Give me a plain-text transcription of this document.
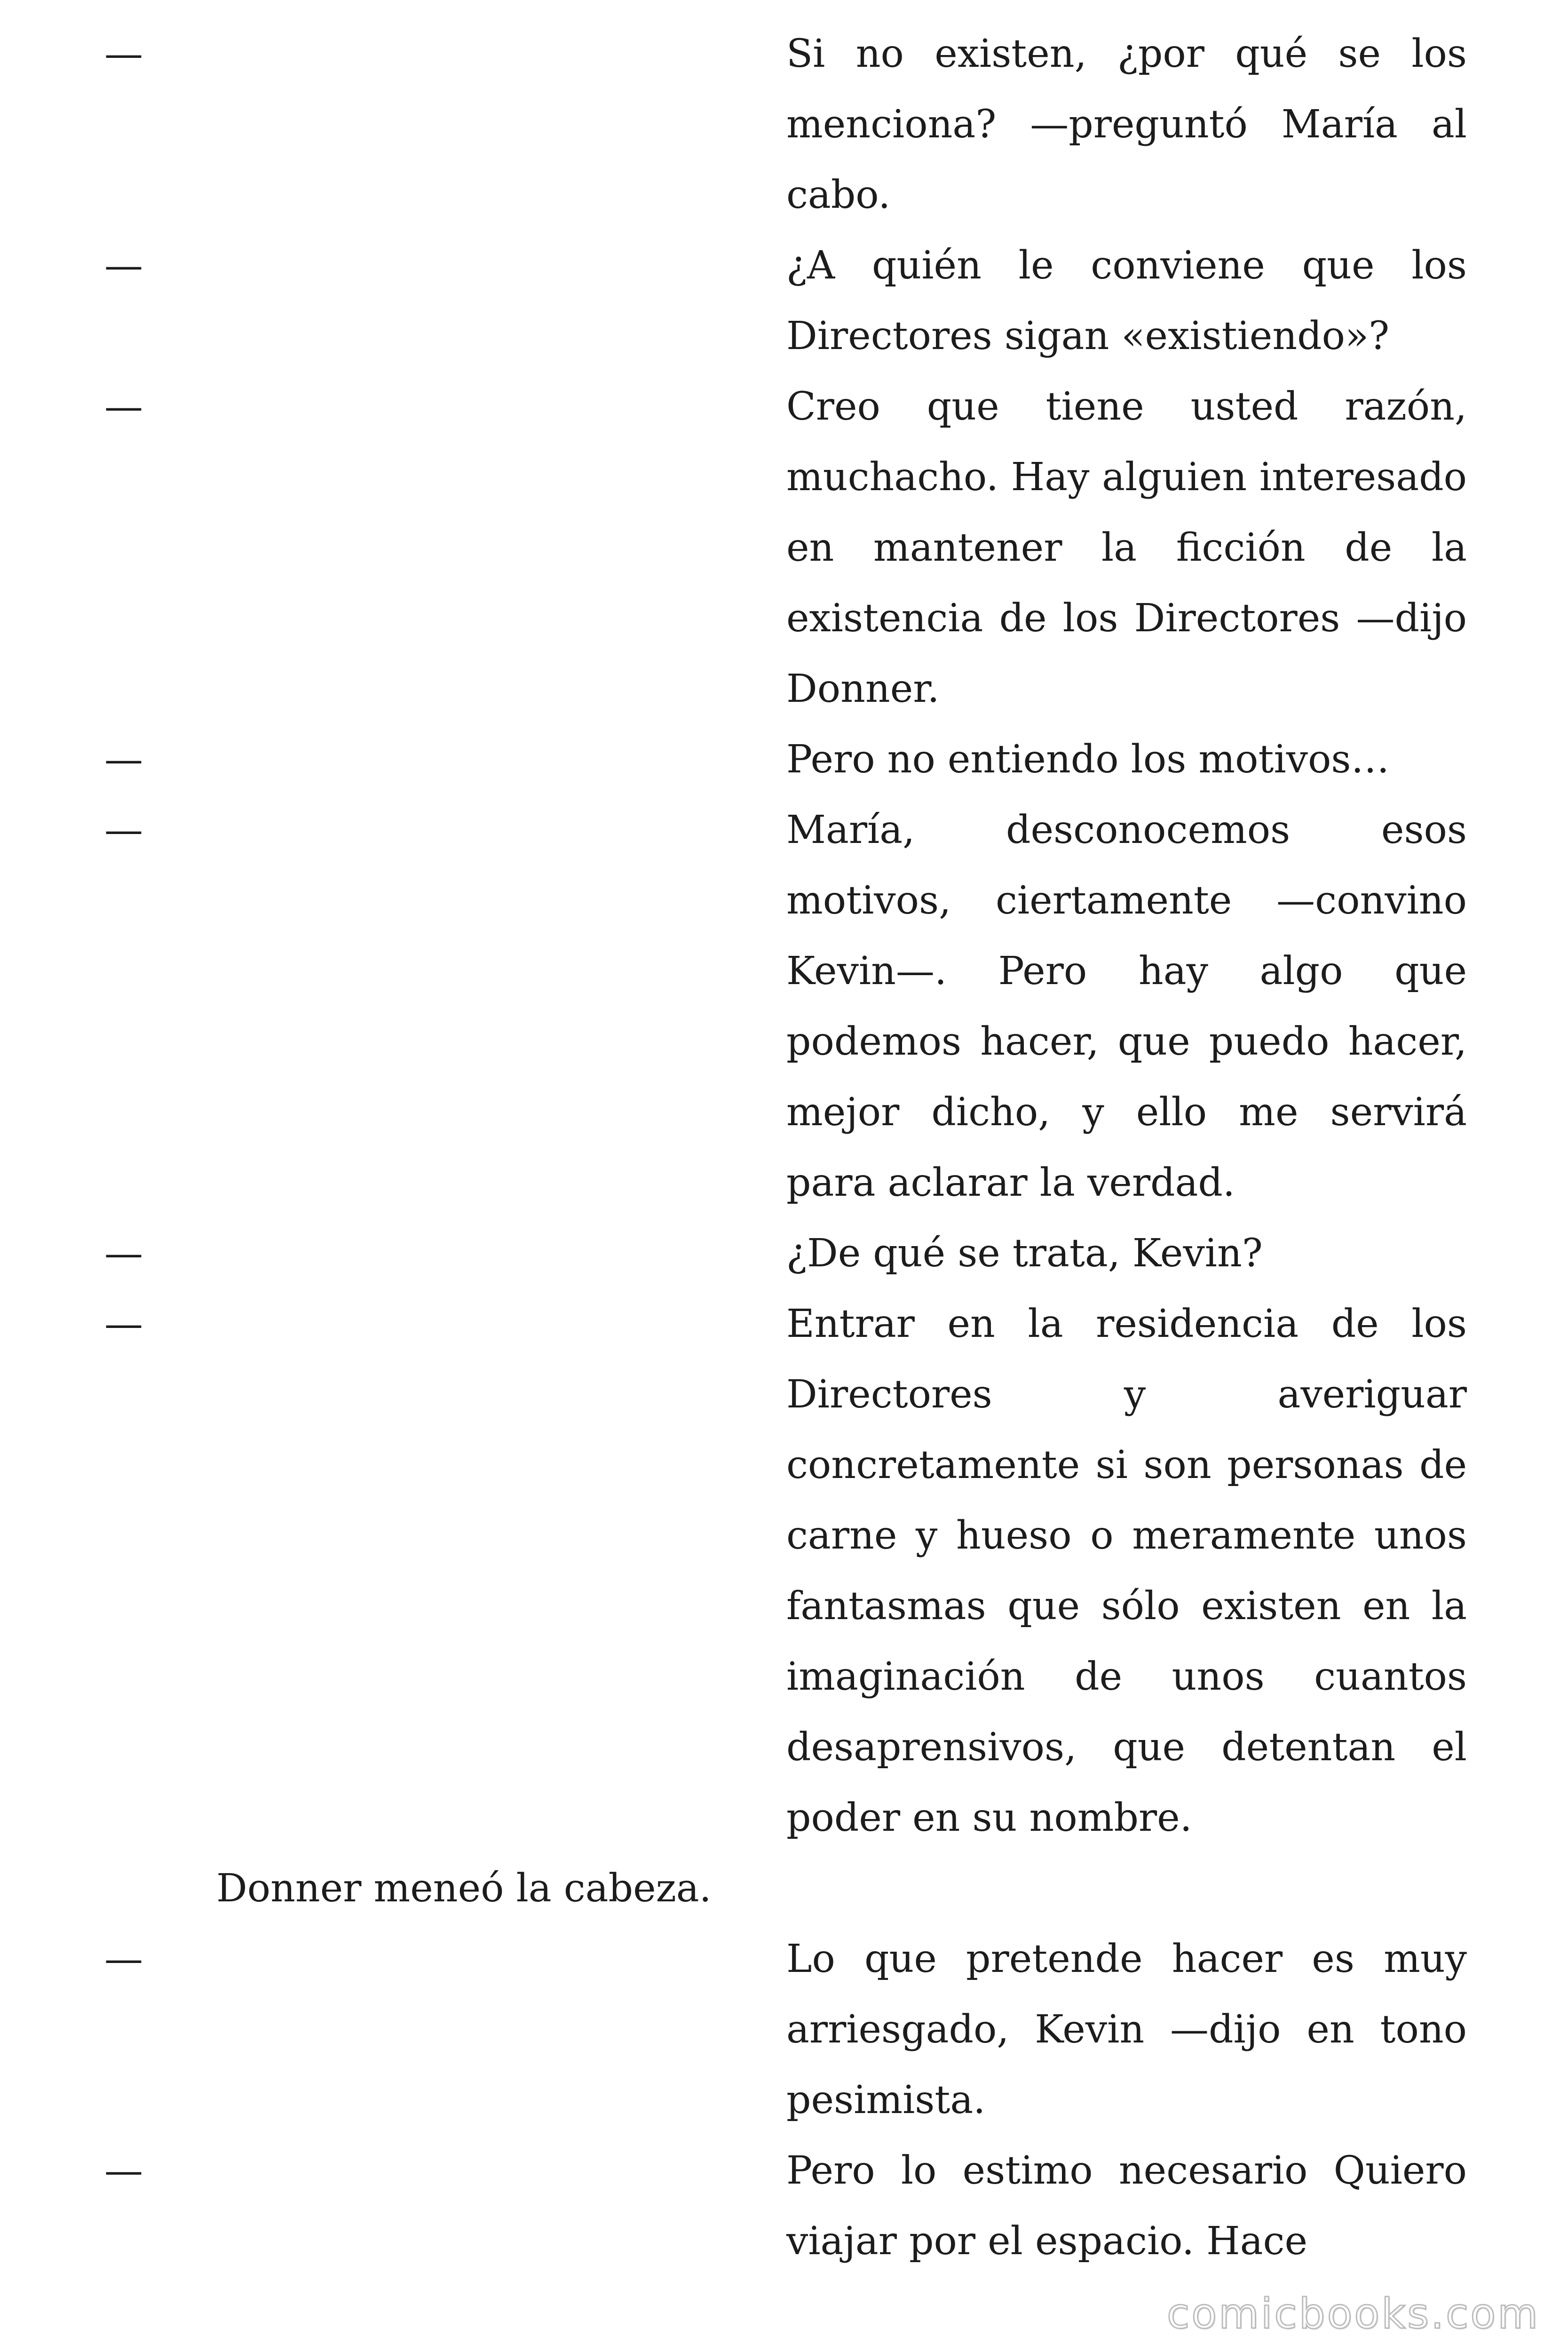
—	Si no existen, ¿por qué se los menciona? —preguntó María al cabo.
—	¿A quién le conviene que los Directores sigan «existiendo»?
—	Creo que tiene usted razón, muchacho. Hay alguien interesado en mantener la ficción de la existencia de los Directores —dijo Donner.
—	Pero no entiendo los motivos…
—	María, desconocemos esos motivos, ciertamente —convino Kevin—. Pero hay algo que podemos hacer, que puedo hacer, mejor dicho, y ello me servirá para aclarar la verdad.
—	¿De qué se trata, Kevin?
—	Entrar en la residencia de los Directores y averiguar concretamente si son personas de carne y hueso o meramente unos fantasmas que sólo existen en la imaginación de unos cuantos desaprensivos, que detentan el poder en su nombre.
Donner meneó la cabeza.
—	Lo que pretende hacer es muy arriesgado, Kevin —dijo en tono pesimista.
—	Pero lo estimo necesario Quiero viajar por el espacio. Hace
comicbooks.com
